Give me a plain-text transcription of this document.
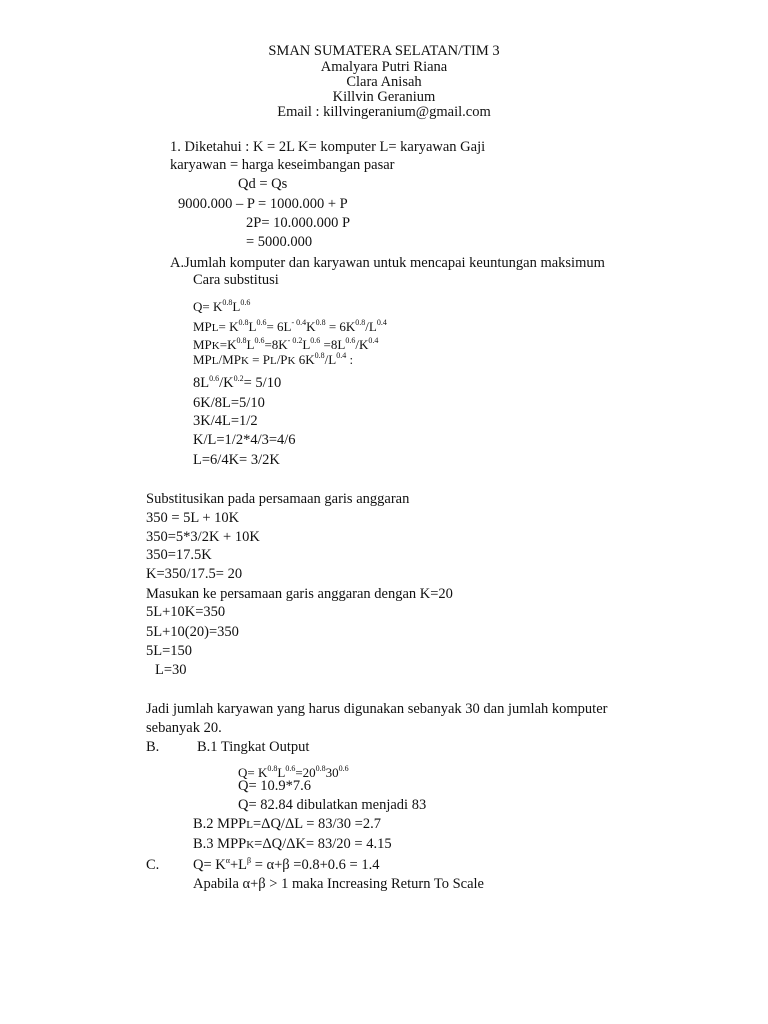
SMAN SUMATERA SELATAN/TIM 3
Amalyara Putri Riana
Clara Anisah
Killvin Geranium
Email : killvingeranium@gmail.com
1. Diketahui : K = 2L K= komputer L= karyawan Gaji
karyawan = harga keseimbangan pasar
Qd = Qs
9000.000 – P = 1000.000 + P
2P= 10.000.000 P
= 5000.000
A.Jumlah komputer dan karyawan untuk mencapai keuntungan maksimum
Cara substitusi
$Q= K^{0.8}L^{0.6}$
$MPL= K^{0.8}L^{0.6}= 6L^{- 0.4}K^{0.8} = 6K^{0.8}/L^{0.4}$
$MPK=K^{0.8}L^{0.6}=8K^{- 0.2}L^{0.6} =8L^{0.6}/K^{0.4}$
MPL/MPK = PL/PK $6K^{0.8}/L^{0.4}$ :
$8L^{0.6}/K^{0.2}= 5/10$
6K/8L=5/10
3K/4L=1/2
K/L=1/2*4/3=4/6
L=6/4K= 3/2K
Substitusikan pada persamaan garis anggaran
350 = 5L + 10K
350=5*3/2K + 10K
350=17.5K
K=350/17.5= 20
Masukan ke persamaan garis anggaran dengan K=20
5L+10K=350
5L+10(20)=350
5L=150
L=30
Jadi jumlah karyawan yang harus digunakan sebanyak 30 dan jumlah komputer
sebanyak 20.
B.	B.1 Tingkat Output
$Q= K^{0.8}L^{0.6}=20^{0.8}30^{0.6}$
Q= 10.9*7.6
Q= 82.84 dibulatkan menjadi 83
B.2 MPPL=ΔQ/ΔL = 83/30 =2.7
B.3 MPPK=ΔQ/ΔK= 83/20 = 4.15
C. $Q= K^\alpha+L^\beta = \alpha+\beta =0.8+0.6 = 1.4$
Apabila α+β > 1 maka Increasing Return To Scale
